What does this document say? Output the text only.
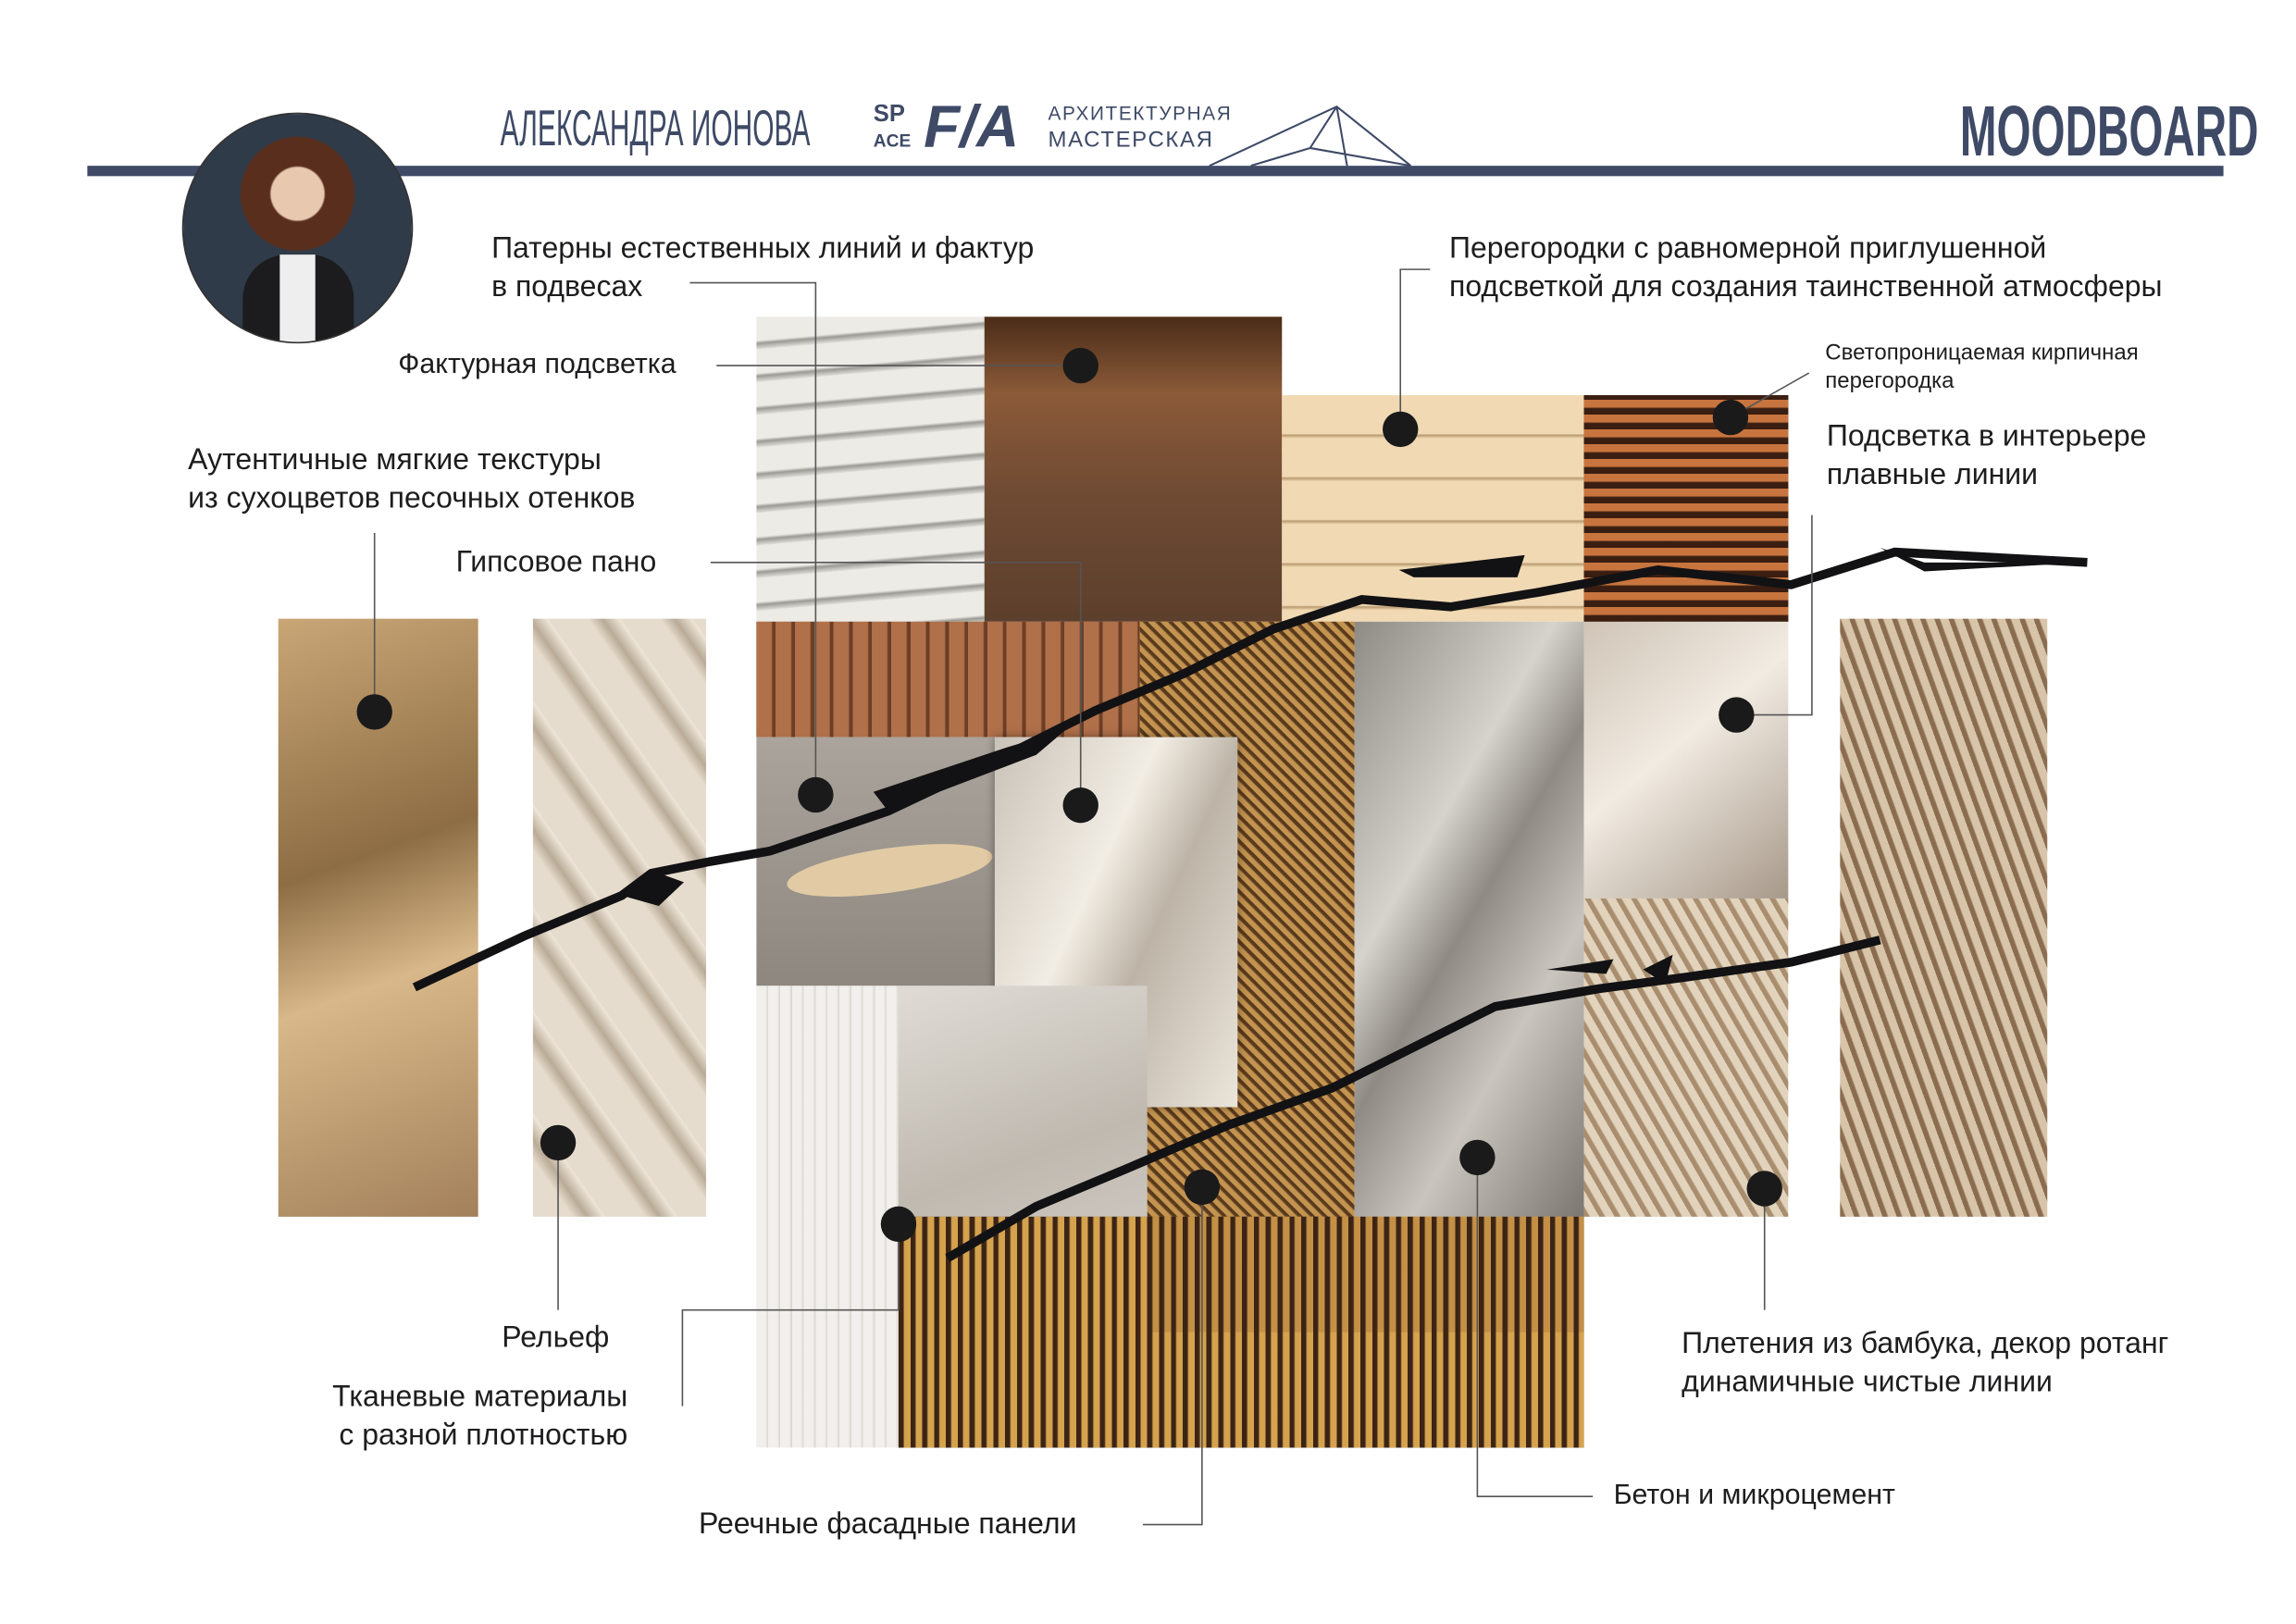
АЛЕКСАНДРА ИОНОВА	SP
ACE F/A АРХИТЕКТУРНАЯ
МАСТЕРСКАЯ	MOODBOARD
Патерны естественных линий и фактур
в подвесах
Фактурная подсветка
Аутентичные мягкие текстуры
из сухоцветов песочных отенков
Гипсовое пано
Перегородки с равномерной приглушенной
подсветкой для создания таинственной атмосферы
Светопроницаемая кирпичная
перегородка
Подсветка в интерьере
плавные линии
Рельеф
Тканевые материалы
с разной плотностью
Реечные фасадные панели
Бетон и микроцемент
Плетения из бамбука, декор ротанг
динамичные чистые линии
